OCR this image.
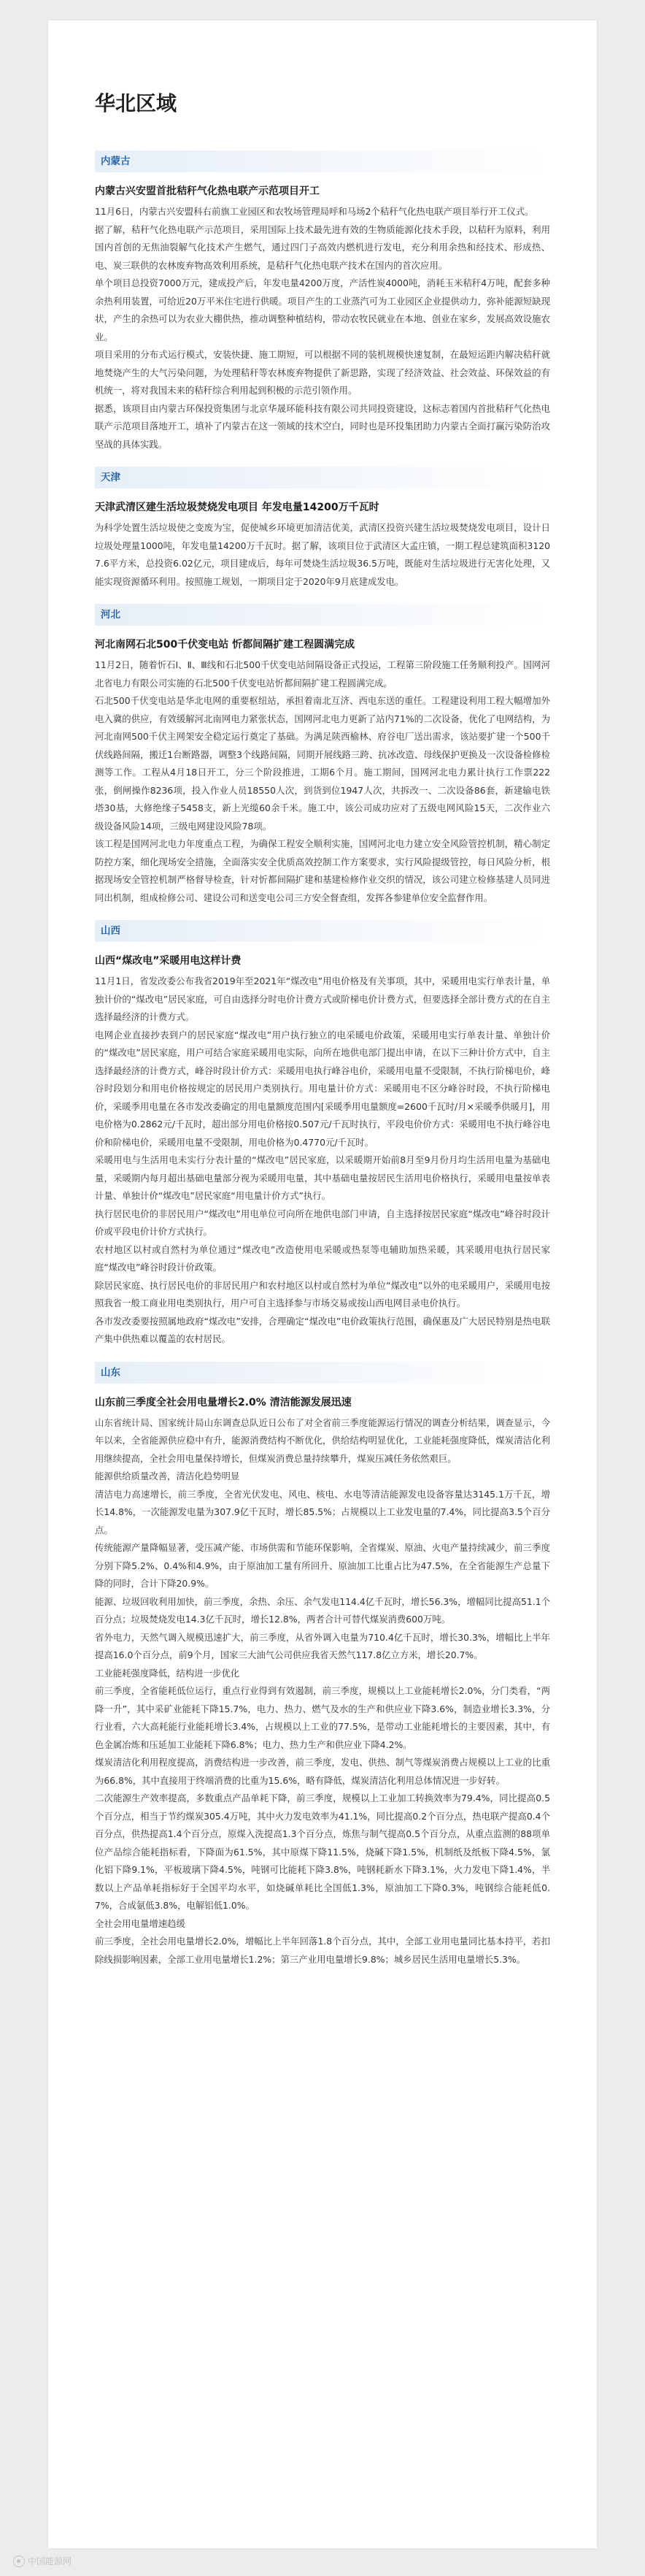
华北区域
内蒙古
内蒙古兴安盟首批秸秆气化热电联产示范项目开工

11月6日，内蒙古兴安盟科右前旗工业园区和农牧场管理局呼和马场2个秸秆气化热电联产项目举行开工仪式。

据了解，秸秆气化热电联产示范项目，采用国际上技术最先进有效的生物质能源化技术手段，以秸秆为原料，利用国内首创的无焦油裂解气化技术产生燃气，通过四门子高效内燃机进行发电，充分利用余热和经技术、形成热、电、炭三联供的农林废弃物高效利用系统，是秸秆气化热电联产技术在国内的首次应用。

单个项目总投资7000万元，建成投产后，年发电量4200万度，产活性炭4000吨，消耗玉米秸秆4万吨，配套多种余热利用装置，可给近20万平米住宅进行供暖。项目产生的工业蒸汽可为工业园区企业提供动力，弥补能源短缺现状，产生的余热可以为农业大棚供热，推动调整种植结构，带动农牧民就业在本地、创业在家乡，发展高效设施农业。

项目采用的分布式运行模式，安装快捷、施工期短，可以根据不同的装机规模快速复制，在最短运距内解决秸秆就地焚烧产生的大气污染问题，为处理秸秆等农林废弃物提供了新思路，实现了经济效益、社会效益、环保效益的有机统一，将对我国未来的秸秆综合利用起到积极的示范引领作用。

据悉，该项目由内蒙古环保投资集团与北京华晟环能科技有限公司共同投资建设，这标志着国内首批秸秆气化热电联产示范项目落地开工，填补了内蒙古在这一领域的技术空白，同时也是环投集团助力内蒙古全面打赢污染防治攻坚战的具体实践。

天津
天津武清区建生活垃圾焚烧发电项目 年发电量14200万千瓦时

为科学处置生活垃圾使之变废为宝，促使城乡环境更加清洁优美，武清区投资兴建生活垃圾焚烧发电项目，设计日垃圾处理量1000吨，年发电量14200万千瓦时。据了解，该项目位于武清区大孟庄镇，一期工程总建筑面积31207.6平方米，总投资6.02亿元，项目建成后，每年可焚烧生活垃圾36.5万吨，既能对生活垃圾进行无害化处理，又能实现资源循环利用。按照施工规划，一期项目定于2020年9月底建成发电。

河北
河北南网石北500千伏变电站 忻都间隔扩建工程圆满完成

11月2日，随着忻石Ⅰ、Ⅱ、Ⅲ线和石北500千伏变电站间隔设备正式投运，工程第三阶段施工任务顺利投产。国网河北省电力有限公司实施的石北500千伏变电站忻都间隔扩建工程圆满完成。

石北500千伏变电站是华北电网的重要枢纽站，承担着南北互济、西电东送的重任。工程建设利用工程大幅增加外电入冀的供应，有效缓解河北南网电力紧张状态，国网河北电力更新了站内71%的二次设备，优化了电网结构，为河北南网500千伏主网架安全稳定运行奠定了基础。为满足陕西榆林、府谷电厂送出需求，该站要扩建一个500千伏线路间隔，搬迁1台断路器，调整3个线路间隔，同期开展线路三跨、抗冰改造、母线保护更换及一次设备检修检测等工作。工程从4月18日开工，分三个阶段推进，工期6个月。施工期间，国网河北电力累计执行工作票222张，倒闸操作8236项，投入作业人员18550人次，到货到位1947人次，共拆改一、二次设备86套，新建输电铁塔30基，大修绝缘子5458支，新上光缆60余千米。施工中，该公司成功应对了五级电网风险15天，二次作业六级设备风险14项，三级电网建设风险78项。

该工程是国网河北电力年度重点工程，为确保工程安全顺利实施，国网河北电力建立安全风险管控机制，精心制定防控方案，细化现场安全措施，全面落实安全优质高效控制工作方案要求，实行风险提级管控，每日风险分析，根据现场安全管控机制严格督导检查，针对忻都间隔扩建和基建检修作业交织的情况，该公司建立检修基建人员同进同出机制，组成检修公司、建设公司和送变电公司三方安全督查组，发挥各参建单位安全监督作用。

山西
山西“煤改电”采暖用电这样计费

11月1日，省发改委公布我省2019年至2021年“煤改电”用电价格及有关事项，其中，采暖用电实行单表计量，单独计价的“煤改电”居民家庭，可自由选择分时电价计费方式或阶梯电价计费方式，但要选择全部计费方式的在自主选择最经济的计费方式。

电网企业直接抄表到户的居民家庭“煤改电”用户执行独立的电采暖电价政策，采暖用电实行单表计量、单独计价的“煤改电”居民家庭，用户可结合家庭采暖用电实际，向所在地供电部门提出申请，在以下三种计价方式中，自主选择最经济的计费方式，峰谷时段计价方式：采暖用电执行峰谷电价，采暖用电量不受限制，不执行阶梯电价，峰谷时段划分和用电价格按规定的居民用户类别执行。用电量计价方式：采暖用电不区分峰谷时段，不执行阶梯电价，采暖季用电量在各市发改委确定的用电量额度范围内[采暖季用电量额度=2600千瓦时/月×采暖季供暖月]，用电价格为0.2862元/千瓦时，超出部分用电价格按0.507元/千瓦时执行，平段电价价方式：采暖用电不执行峰谷电价和阶梯电价，采暖用电量不受限制，用电价格为0.4770元/千瓦时。

采暖用电与生活用电未实行分表计量的“煤改电”居民家庭，以采暖期开始前8月至9月份月均生活用电量为基础电量，采暖期内每月超出基础电量部分视为采暖用电量，其中基础电量按居民生活用电价格执行，采暖用电量按单表计量、单独计价“煤改电”居民家庭“用电量计价方式”执行。

执行居民电价的非居民用户“煤改电”用电单位可向所在地供电部门申请，自主选择按居民家庭“煤改电”峰谷时段计价或平段电价计价方式执行。

农村地区以村或自然村为单位通过“煤改电”改造使用电采暖或热泵等电辅助加热采暖，其采暖用电执行居民家庭“煤改电”峰谷时段计价政策。

除居民家庭、执行居民电价的非居民用户和农村地区以村或自然村为单位“煤改电”以外的电采暖用户，采暖用电按照我省一般工商业用电类别执行，用户可自主选择参与市场交易或按山西电网目录电价执行。

各市发改委要按照属地政府“煤改电”安排，合理确定“煤改电”电价政策执行范围，确保惠及广大居民特别是热电联产集中供热难以覆盖的农村居民。

山东
山东前三季度全社会用电量增长2.0% 清洁能源发展迅速

山东省统计局、国家统计局山东调查总队近日公布了对全省前三季度能源运行情况的调查分析结果，调查显示，今年以来，全省能源供应稳中有升，能源消费结构不断优化，供给结构明显优化，工业能耗强度降低，煤炭清洁化利用继续提高，全社会用电量保持增长，但煤炭消费总量持续攀升，煤炭压减任务依然艰巨。

能源供给质量改善，清洁化趋势明显

清洁电力高速增长，前三季度，全省光伏发电、风电、核电、水电等清洁能源发电设备容量达3145.1万千瓦，增长14.8%，一次能源发电量为307.9亿千瓦时，增长85.5%；占规模以上工业发电量的7.4%，同比提高3.5个百分点。

传统能源产量降幅显著，受压减产能、市场供需和节能环保影响，全省煤炭、原油、火电产量持续减少，前三季度分别下降5.2%、0.4%和4.9%，由于原油加工量有所回升、原油加工比重占比为47.5%，在全省能源生产总量下降的同时，合计下降20.9%。

能源、垃圾回收利用加快，前三季度，余热、余压、余气发电114.4亿千瓦时，增长56.3%，增幅同比提高51.1个百分点；垃圾焚烧发电14.3亿千瓦时，增长12.8%，两者合计可替代煤炭消费600万吨。

省外电力，天然气调入规模迅速扩大，前三季度，从省外调入电量为710.4亿千瓦时，增长30.3%，增幅比上半年提高16.0个百分点，前9个月，国家三大油气公司供应我省天然气117.8亿立方米，增长20.7%。

工业能耗强度降低，结构进一步优化

前三季度，全省能耗低位运行，重点行业得到有效遏制，前三季度，规模以上工业能耗增长2.0%，分门类看，“两降一升”，其中采矿业能耗下降15.7%，电力、热力、燃气及水的生产和供应业下降3.6%，制造业增长3.3%，分行业看，六大高耗能行业能耗增长3.4%，占规模以上工业的77.5%，是带动工业能耗增长的主要因素，其中，有色金属冶炼和压延加工业能耗下降6.8%；电力、热力生产和供应业下降4.2%。

煤炭清洁化利用程度提高，消费结构进一步改善，前三季度，发电、供热、制气等煤炭消费占规模以上工业的比重为66.8%，其中直接用于终端消费的比重为15.6%，略有降低，煤炭清洁化利用总体情况进一步好转。

二次能源生产效率提高，多数重点产品单耗下降，前三季度，规模以上工业加工转换效率为79.4%，同比提高0.5个百分点，相当于节约煤炭305.4万吨，其中火力发电效率为41.1%，同比提高0.2个百分点，热电联产提高0.4个百分点，供热提高1.4个百分点，原煤入洗提高1.3个百分点，炼焦与制气提高0.5个百分点，从重点监测的88项单位产品综合能耗指标看，下降面为61.5%，其中原煤下降11.5%，烧碱下降1.5%，机制纸及纸板下降4.5%，氯化铝下降9.1%，平板玻璃下降4.5%，吨钢可比能耗下降3.8%，吨钢耗新水下降3.1%，火力发电下降1.4%，半数以上产品单耗指标好于全国平均水平，如烧碱单耗比全国低1.3%，原油加工下降0.3%，吨钢综合能耗低0.7%，合成氨低3.8%，电解铝低1.0%。

全社会用电量增速趋缓

前三季度，全社会用电量增长2.0%，增幅比上半年回落1.8个百分点，其中，全部工业用电量同比基本持平，若扣除线损影响因素，全部工业用电量增长1.2%；第三产业用电量增长9.8%；城乡居民生活用电量增长5.3%。

中国能源网
